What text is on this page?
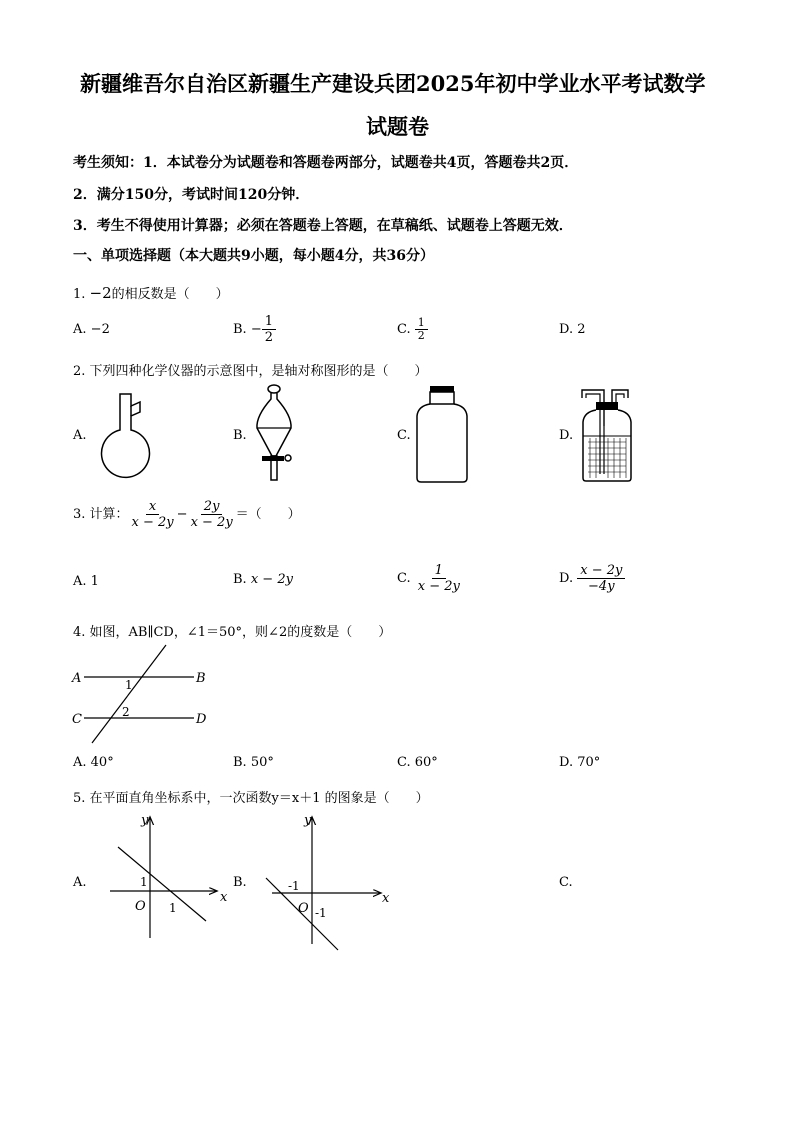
新疆维吾尔自治区新疆生产建设兵团2025年初中学业水平考试数学
试题卷
考生须知：1．本试卷分为试题卷和答题卷两部分，试题卷共4页，答题卷共2页．
2．满分150分，考试时间120分钟．
3．考生不得使用计算器；必须在答题卷上答题，在草稿纸、试题卷上答题无效．
一、单项选择题（本大题共9小题，每小题4分，共36分）
1. −2的相反数是（　　）
A. −2	B. − $\frac{1}{2}$	C. $\frac{1}{2}$	D. 2
2. 下列四种化学仪器的示意图中，是轴对称图形的是（　　）
A.	B.	C.	D.
3. 计算： $\frac{x}{x - 2y} - \frac{2y}{x - 2y}$ ＝（　　）
A. 1	B. x − 2y	C. $\frac{1}{x - 2y}$	D. $\frac{x - 2y}{-4y}$
4. 如图，AB∥CD，∠1＝50°，则∠2的度数是（　　）
A	B
C	D
1
2
A. 40°	B. 50°	C. 60°	D. 70°
5. 在平面直角坐标系中，一次函数y＝x＋1 的图象是（　　）
A.	B.	C.
y
x
O
1
1
y
x
O
-1
-1
